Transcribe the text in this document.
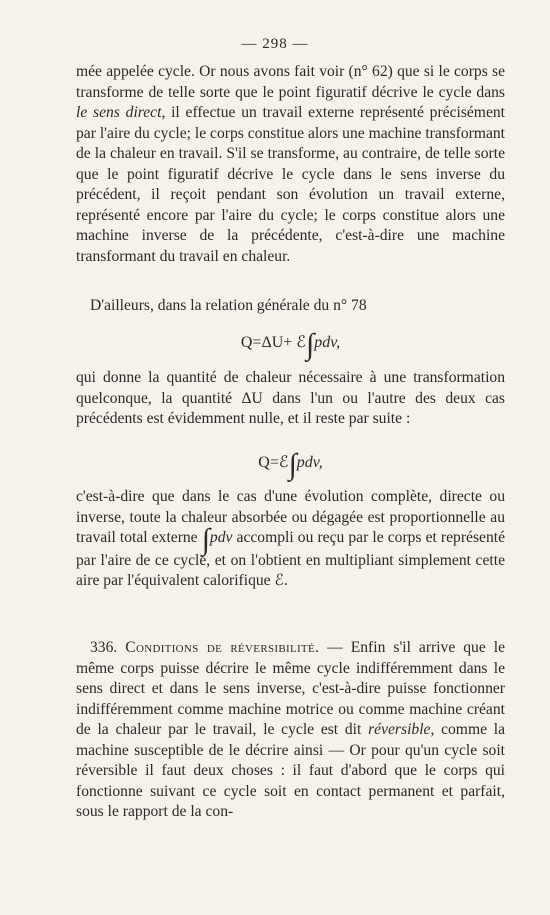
— 298 —

mée appelée cycle. Or nous avons fait voir (n° 62) que si le corps se transforme de telle sorte que le point figuratif décrive le cycle dans le sens direct, il effectue un travail externe représenté précisément par l'aire du cycle; le corps constitue alors une machine transformant de la chaleur en travail. S'il se transforme, au contraire, de telle sorte que le point figuratif décrive le cycle dans le sens inverse du précédent, il reçoit pendant son évolution un travail externe, représenté encore par l'aire du cycle; le corps constitue alors une machine inverse de la précédente, c'est-à-dire une machine transformant du travail en chaleur.

D'ailleurs, dans la relation générale du n° 78

Q=ΔU+ ℰ∫pdv,

qui donne la quantité de chaleur nécessaire à une transformation quelconque, la quantité ΔU dans l'un ou l'autre des deux cas précédents est évidemment nulle, et il reste par suite :

Q=ℰ∫pdv,

c'est-à-dire que dans le cas d'une évolution complète, directe ou inverse, toute la chaleur absorbée ou dégagée est proportionnelle au travail total externe ∫pdv accompli ou reçu par le corps et représenté par l'aire de ce cycle, et on l'obtient en multipliant simplement cette aire par l'équivalent calorifique ℰ.

336. Conditions de réversibilité. — Enfin s'il arrive que le même corps puisse décrire le même cycle indifféremment dans le sens direct et dans le sens inverse, c'est-à-dire puisse fonctionner indifféremment comme machine motrice ou comme machine créant de la chaleur par le travail, le cycle est dit réversible, comme la machine susceptible de le décrire ainsi — Or pour qu'un cycle soit réversible il faut deux choses : il faut d'abord que le corps qui fonctionne suivant ce cycle soit en contact permanent et parfait, sous le rapport de la con-
